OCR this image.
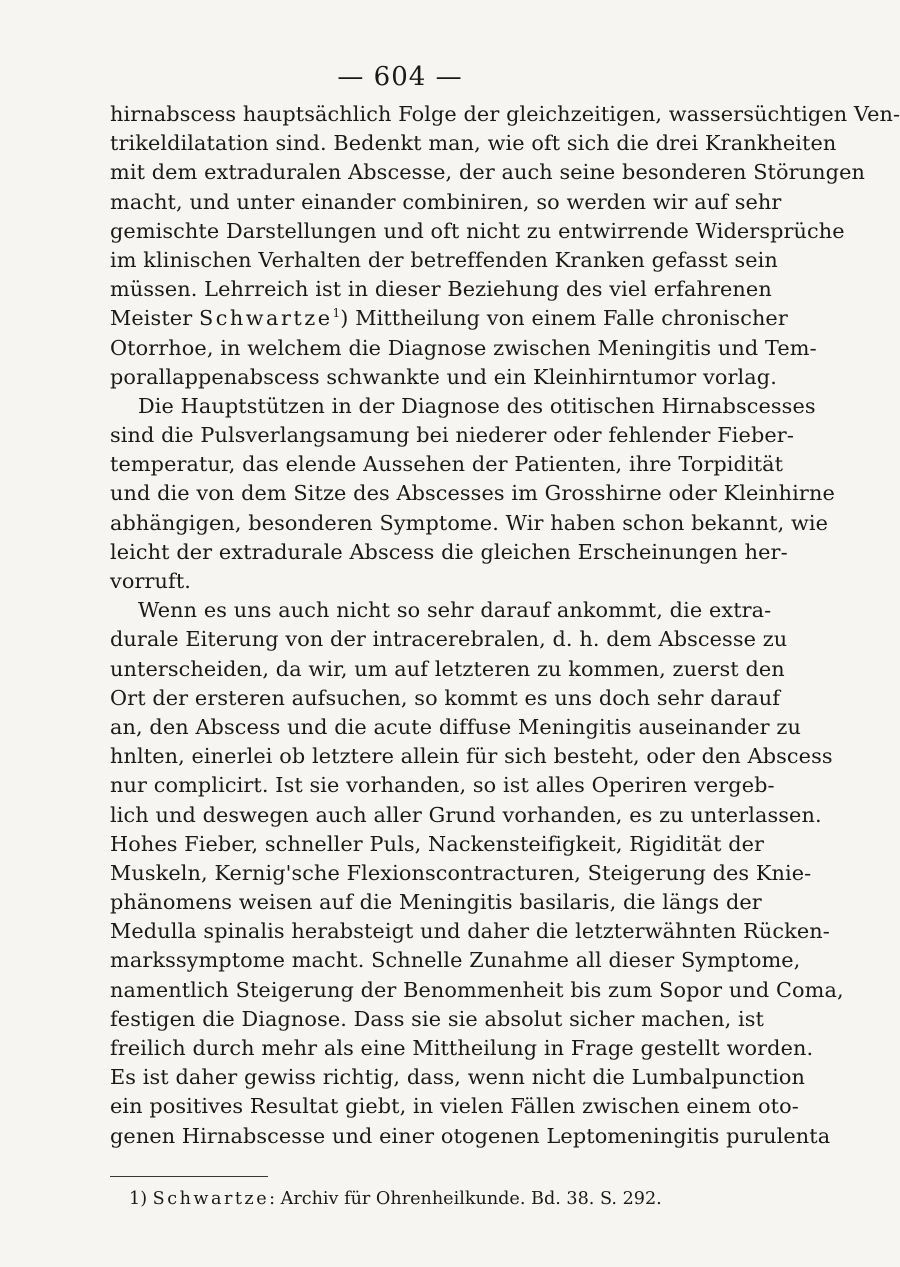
— 604 —
hirnabscess hauptsächlich Folge der gleichzeitigen, wassersüchtigen Ven-
trikeldilatation sind. Bedenkt man, wie oft sich die drei Krankheiten
mit dem extraduralen Abscesse, der auch seine besonderen Störungen
macht, und unter einander combiniren, so werden wir auf sehr
gemischte Darstellungen und oft nicht zu entwirrende Widersprüche
im klinischen Verhalten der betreffenden Kranken gefasst sein
müssen. Lehrreich ist in dieser Beziehung des viel erfahrenen
Meister Schwartze$^1$) Mittheilung von einem Falle chronischer
Otorrhoe, in welchem die Diagnose zwischen Meningitis und Tem-
porallappenabscess schwankte und ein Kleinhirntumor vorlag.
Die Hauptstützen in der Diagnose des otitischen Hirnabscesses
sind die Pulsverlangsamung bei niederer oder fehlender Fieber-
temperatur, das elende Aussehen der Patienten, ihre Torpidität
und die von dem Sitze des Abscesses im Grosshirne oder Kleinhirne
abhängigen, besonderen Symptome. Wir haben schon bekannt, wie
leicht der extradurale Abscess die gleichen Erscheinungen her-
vorruft.
Wenn es uns auch nicht so sehr darauf ankommt, die extra-
durale Eiterung von der intracerebralen, d. h. dem Abscesse zu
unterscheiden, da wir, um auf letzteren zu kommen, zuerst den
Ort der ersteren aufsuchen, so kommt es uns doch sehr darauf
an, den Abscess und die acute diffuse Meningitis auseinander zu
hnlten, einerlei ob letztere allein für sich besteht, oder den Abscess
nur complicirt. Ist sie vorhanden, so ist alles Operiren vergeb-
lich und deswegen auch aller Grund vorhanden, es zu unterlassen.
Hohes Fieber, schneller Puls, Nackensteifigkeit, Rigidität der
Muskeln, Kernig'sche Flexionscontracturen, Steigerung des Knie-
phänomens weisen auf die Meningitis basilaris, die längs der
Medulla spinalis herabsteigt und daher die letzterwähnten Rücken-
markssymptome macht. Schnelle Zunahme all dieser Symptome,
namentlich Steigerung der Benommenheit bis zum Sopor und Coma,
festigen die Diagnose. Dass sie sie absolut sicher machen, ist
freilich durch mehr als eine Mittheilung in Frage gestellt worden.
Es ist daher gewiss richtig, dass, wenn nicht die Lumbalpunction
ein positives Resultat giebt, in vielen Fällen zwischen einem oto-
genen Hirnabscesse und einer otogenen Leptomeningitis purulenta
1) Schwartze: Archiv für Ohrenheilkunde. Bd. 38. S. 292.
